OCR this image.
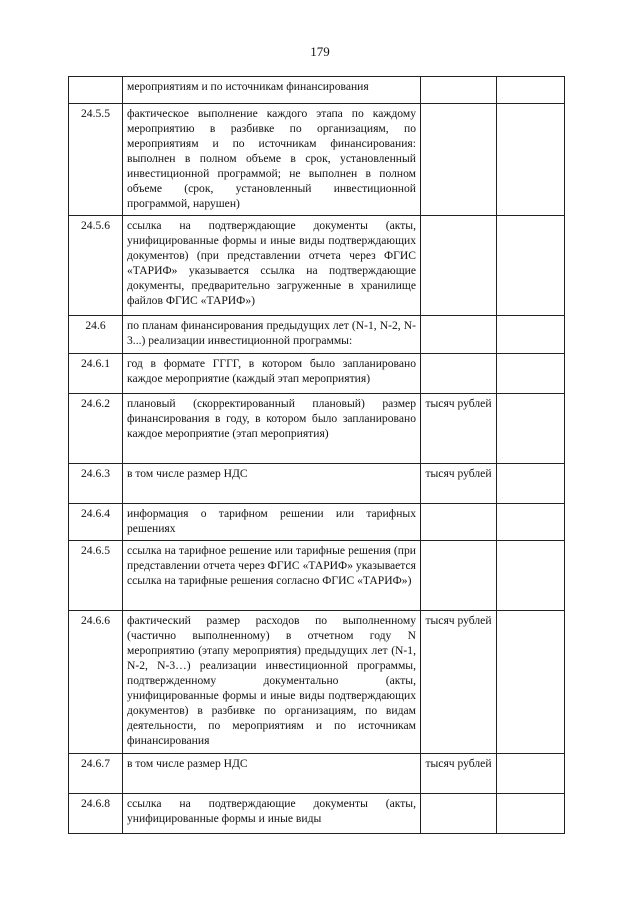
179
	мероприятиям и по источникам финансирования		
24.5.5	фактическое выполнение каждого этапа по каждому мероприятию в разбивке по организациям, по мероприятиям и по источникам финансирования: выполнен в полном объеме в срок, установленный инвестиционной программой; не выполнен в полном объеме (срок, установленный инвестиционной программой, нарушен)		
24.5.6	ссылка на подтверждающие документы (акты, унифицированные формы и иные виды подтверждающих документов) (при представлении отчета через ФГИС «ТАРИФ» указывается ссылка на подтверждающие документы, предварительно загруженные в хранилище файлов ФГИС «ТАРИФ»)		
24.6	по планам финансирования предыдущих лет (N-1, N-2, N-3...) реализации инвестиционной программы:		
24.6.1	год в формате ГГГГ, в котором было запланировано каждое мероприятие (каждый этап мероприятия)		
24.6.2	плановый (скорректированный плановый) размер финансирования в году, в котором было запланировано каждое мероприятие (этап мероприятия)	тысяч рублей	
24.6.3	в том числе размер НДС	тысяч рублей	
24.6.4	информация о тарифном решении или тарифных решениях		
24.6.5	ссылка на тарифное решение или тарифные решения (при представлении отчета через ФГИС «ТАРИФ» указывается ссылка на тарифные решения согласно ФГИС «ТАРИФ»)		
24.6.6	фактический размер расходов по выполненному (частично выполненному) в отчетном году N мероприятию (этапу мероприятия) предыдущих лет (N-1, N-2, N-3…) реализации инвестиционной программы, подтвержденному документально (акты, унифицированные формы и иные виды подтверждающих документов) в разбивке по организациям, по видам деятельности, по мероприятиям и по источникам финансирования	тысяч рублей	
24.6.7	в том числе размер НДС	тысяч рублей	
24.6.8	ссылка на подтверждающие документы (акты, унифицированные формы и иные виды		
